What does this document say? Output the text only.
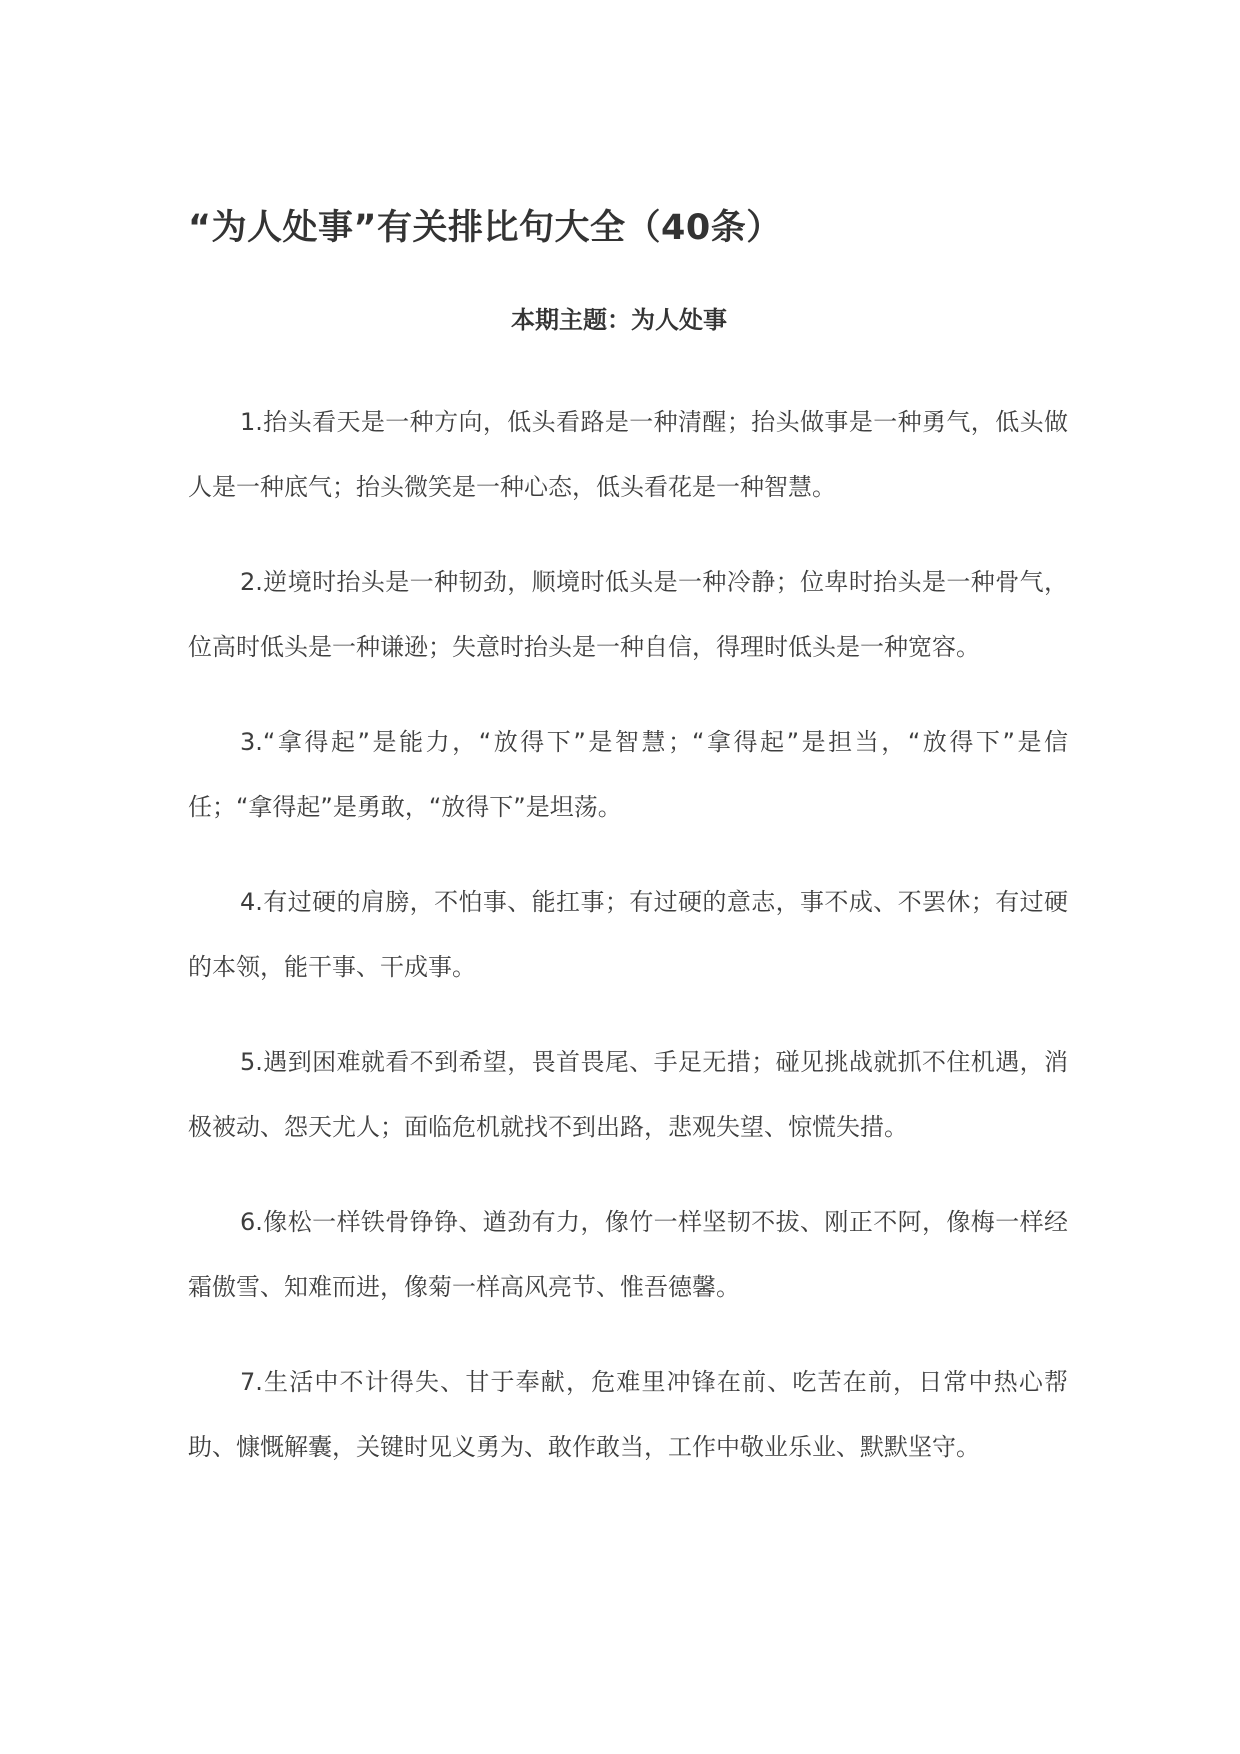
“为人处事”有关排比句大全（40条）
本期主题：为人处事

1.抬头看天是一种方向，低头看路是一种清醒；抬头做事是一种勇气，低头做人是一种底气；抬头微笑是一种心态，低头看花是一种智慧。

2.逆境时抬头是一种韧劲，顺境时低头是一种冷静；位卑时抬头是一种骨气，位高时低头是一种谦逊；失意时抬头是一种自信，得理时低头是一种宽容。

3.“拿得起”是能力，“放得下”是智慧；“拿得起”是担当，“放得下”是信任；“拿得起”是勇敢，“放得下”是坦荡。

4.有过硬的肩膀，不怕事、能扛事；有过硬的意志，事不成、不罢休；有过硬的本领，能干事、干成事。

5.遇到困难就看不到希望，畏首畏尾、手足无措；碰见挑战就抓不住机遇，消极被动、怨天尤人；面临危机就找不到出路，悲观失望、惊慌失措。

6.像松一样铁骨铮铮、遒劲有力，像竹一样坚韧不拔、刚正不阿，像梅一样经霜傲雪、知难而进，像菊一样高风亮节、惟吾德馨。

7.生活中不计得失、甘于奉献，危难里冲锋在前、吃苦在前，日常中热心帮助、慷慨解囊，关键时见义勇为、敢作敢当，工作中敬业乐业、默默坚守。
